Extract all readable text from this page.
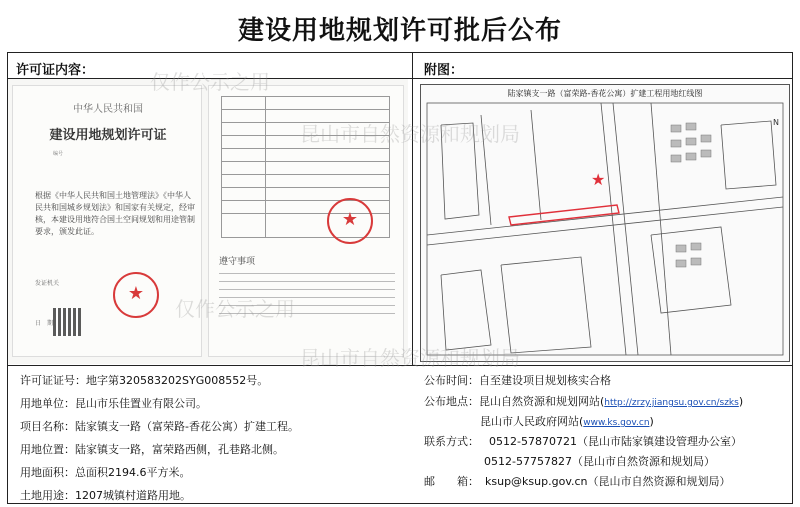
建设用地规划许可批后公布
许可证内容：	附图：
中华人民共和国
建设用地规划许可证
编号
根据《中华人民共和国土地管理法》《中华人民共和国城乡规划法》和国家有关规定，经审核，本建设用地符合国土空间规划和用途管制要求，颁发此证。
发证机关
日　期
★

遵守事项
★
陆家镇支一路（富荣路-香花公寓）扩建工程用地红线图
★
N
仅作公示之用
昆山市自然资源和规划局
仅作公示之用
昆山市自然资源和规划局
许可证证号：地字第320583202SYG008552号。
用地单位：昆山市乐佳置业有限公司。
项目名称：陆家镇支一路（富荣路-香花公寓）扩建工程。
用地位置：陆家镇支一路，富荣路西侧，孔巷路北侧。
用地面积：总面积2194.6平方米。
土地用途：1207城镇村道路用地。
公布时间：自至建设项目规划核实合格
公布地点：昆山自然资源和规划网站(http://zrzy.jiangsu.gov.cn/szks)
昆山市人民政府网站(www.ks.gov.cn)
联系方式： 0512-57870721（昆山市陆家镇建设管理办公室）
0512-57757827（昆山市自然资源和规划局）
邮　　箱： ksup@ksup.gov.cn（昆山市自然资源和规划局）
